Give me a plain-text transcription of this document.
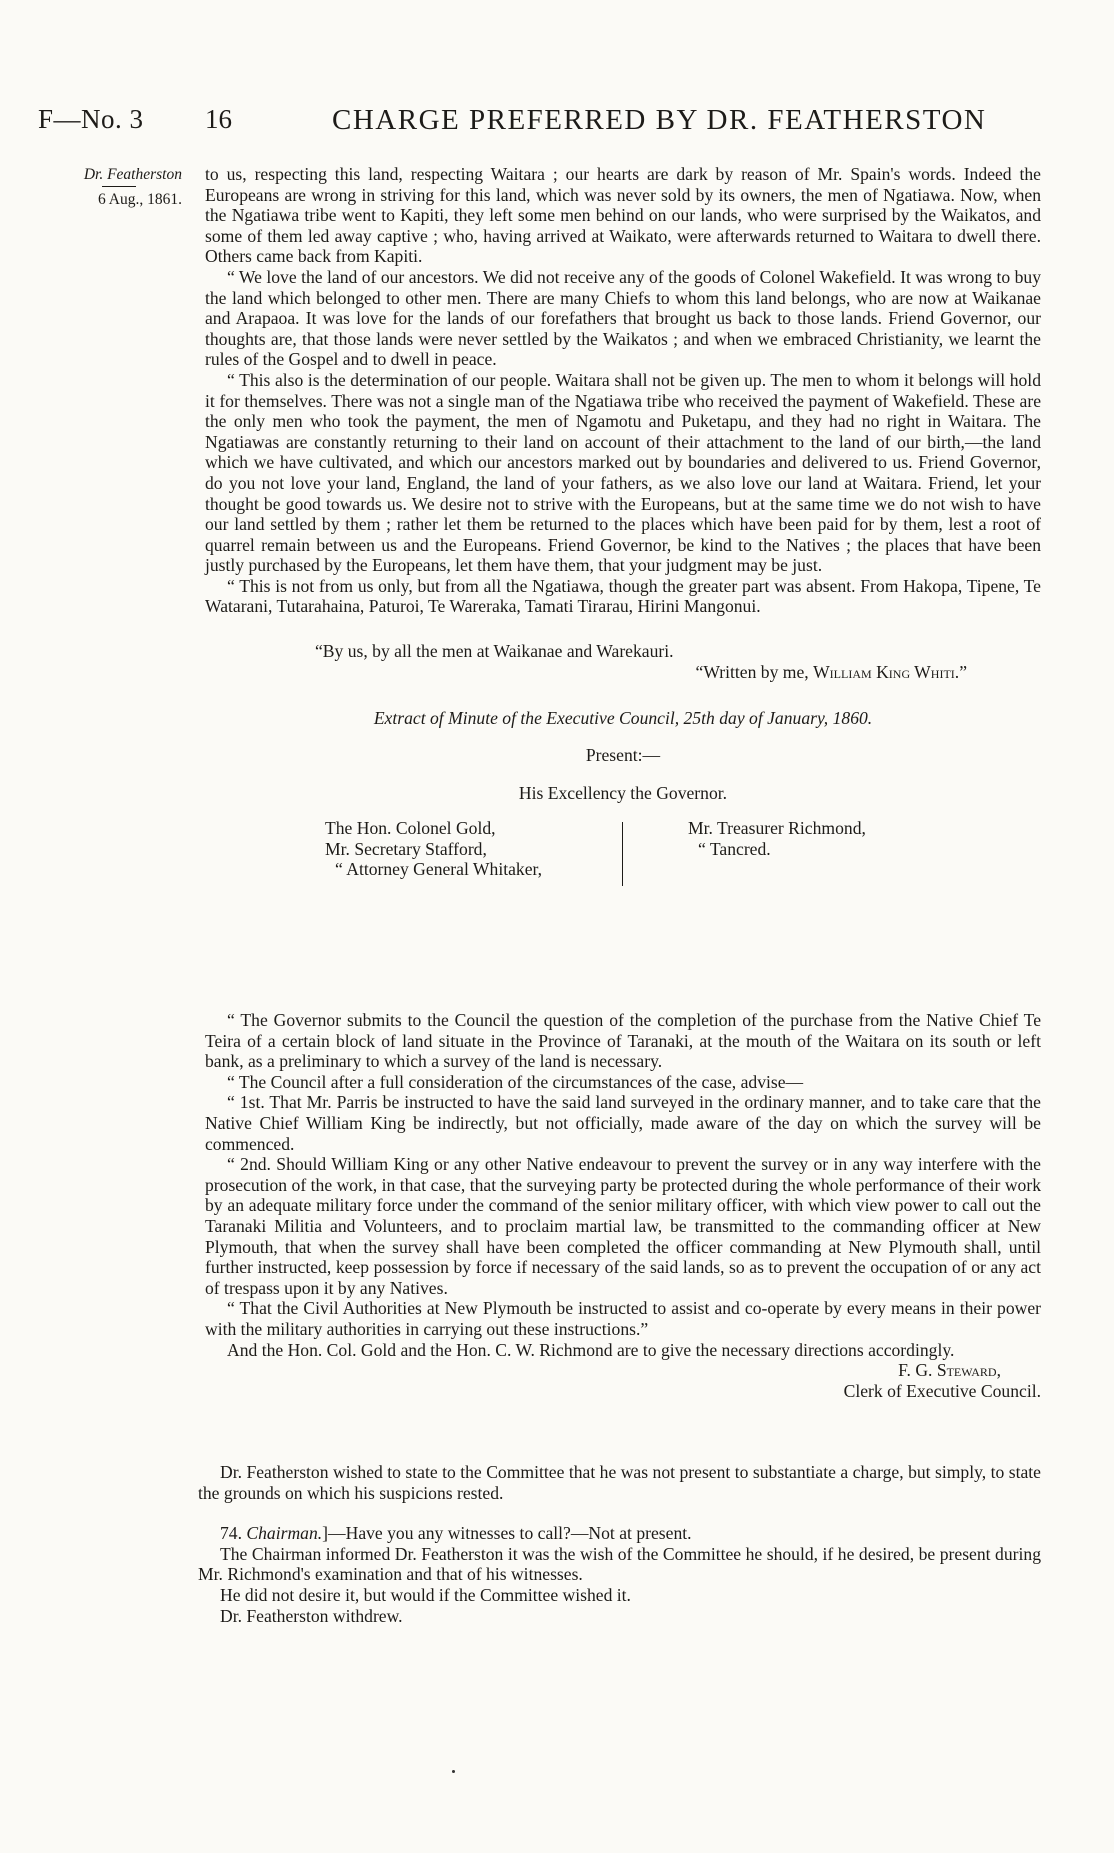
F—No. 3 16	CHARGE PREFERRED BY DR. FEATHERSTON
Dr. Featherston
6 Aug., 1861.

to us, respecting this land, respecting Waitara ; our hearts are dark by reason of Mr. Spain's words. Indeed the Europeans are wrong in striving for this land, which was never sold by its owners, the men of Ngatiawa. Now, when the Ngatiawa tribe went to Kapiti, they left some men behind on our lands, who were surprised by the Waikatos, and some of them led away captive ; who, having arrived at Waikato, were afterwards returned to Waitara to dwell there. Others came back from Kapiti.

“ We love the land of our ancestors. We did not receive any of the goods of Colonel Wakefield. It was wrong to buy the land which belonged to other men. There are many Chiefs to whom this land belongs, who are now at Waikanae and Arapaoa. It was love for the lands of our forefathers that brought us back to those lands. Friend Governor, our thoughts are, that those lands were never settled by the Waikatos ; and when we embraced Christianity, we learnt the rules of the Gospel and to dwell in peace.

“ This also is the determination of our people. Waitara shall not be given up. The men to whom it belongs will hold it for themselves. There was not a single man of the Ngatiawa tribe who received the payment of Wakefield. These are the only men who took the payment, the men of Ngamotu and Puketapu, and they had no right in Waitara. The Ngatiawas are constantly returning to their land on account of their attachment to the land of our birth,—the land which we have cultivated, and which our ancestors marked out by boundaries and delivered to us. Friend Governor, do you not love your land, England, the land of your fathers, as we also love our land at Waitara. Friend, let your thought be good towards us. We desire not to strive with the Europeans, but at the same time we do not wish to have our land settled by them ; rather let them be returned to the places which have been paid for by them, lest a root of quarrel remain between us and the Europeans. Friend Governor, be kind to the Natives ; the places that have been justly purchased by the Europeans, let them have them, that your judgment may be just.

“ This is not from us only, but from all the Ngatiawa, though the greater part was absent. From Hakopa, Tipene, Te Watarani, Tutarahaina, Paturoi, Te Wareraka, Tamati Tirarau, Hirini Mangonui.

“By us, by all the men at Waikanae and Warekauri.

“Written by me, William King Whiti.”

Extract of Minute of the Executive Council, 25th day of January, 1860.

Present:—

His Excellency the Governor.

The Hon. Colonel Gold,
Mr. Secretary Stafford,
“ Attorney General Whitaker,
Mr. Treasurer Richmond,
“ Tancred.

“ The Governor submits to the Council the question of the completion of the purchase from the Native Chief Te Teira of a certain block of land situate in the Province of Taranaki, at the mouth of the Waitara on its south or left bank, as a preliminary to which a survey of the land is necessary.

“ The Council after a full consideration of the circumstances of the case, advise—

“ 1st. That Mr. Parris be instructed to have the said land surveyed in the ordinary manner, and to take care that the Native Chief William King be indirectly, but not officially, made aware of the day on which the survey will be commenced.

“ 2nd. Should William King or any other Native endeavour to prevent the survey or in any way interfere with the prosecution of the work, in that case, that the surveying party be protected during the whole performance of their work by an adequate military force under the command of the senior military officer, with which view power to call out the Taranaki Militia and Volunteers, and to proclaim martial law, be transmitted to the commanding officer at New Plymouth, that when the survey shall have been completed the officer commanding at New Plymouth shall, until further instructed, keep possession by force if necessary of the said lands, so as to prevent the occupation of or any act of trespass upon it by any Natives.

“ That the Civil Authorities at New Plymouth be instructed to assist and co-operate by every means in their power with the military authorities in carrying out these instructions.”

And the Hon. Col. Gold and the Hon. C. W. Richmond are to give the necessary directions accordingly.

F. G. Steward,

Clerk of Executive Council.

Dr. Featherston wished to state to the Committee that he was not present to substantiate a charge, but simply, to state the grounds on which his suspicions rested.

74. Chairman.]—Have you any witnesses to call?—Not at present.

The Chairman informed Dr. Featherston it was the wish of the Committee he should, if he desired, be present during Mr. Richmond's examination and that of his witnesses.

He did not desire it, but would if the Committee wished it.

Dr. Featherston withdrew.
